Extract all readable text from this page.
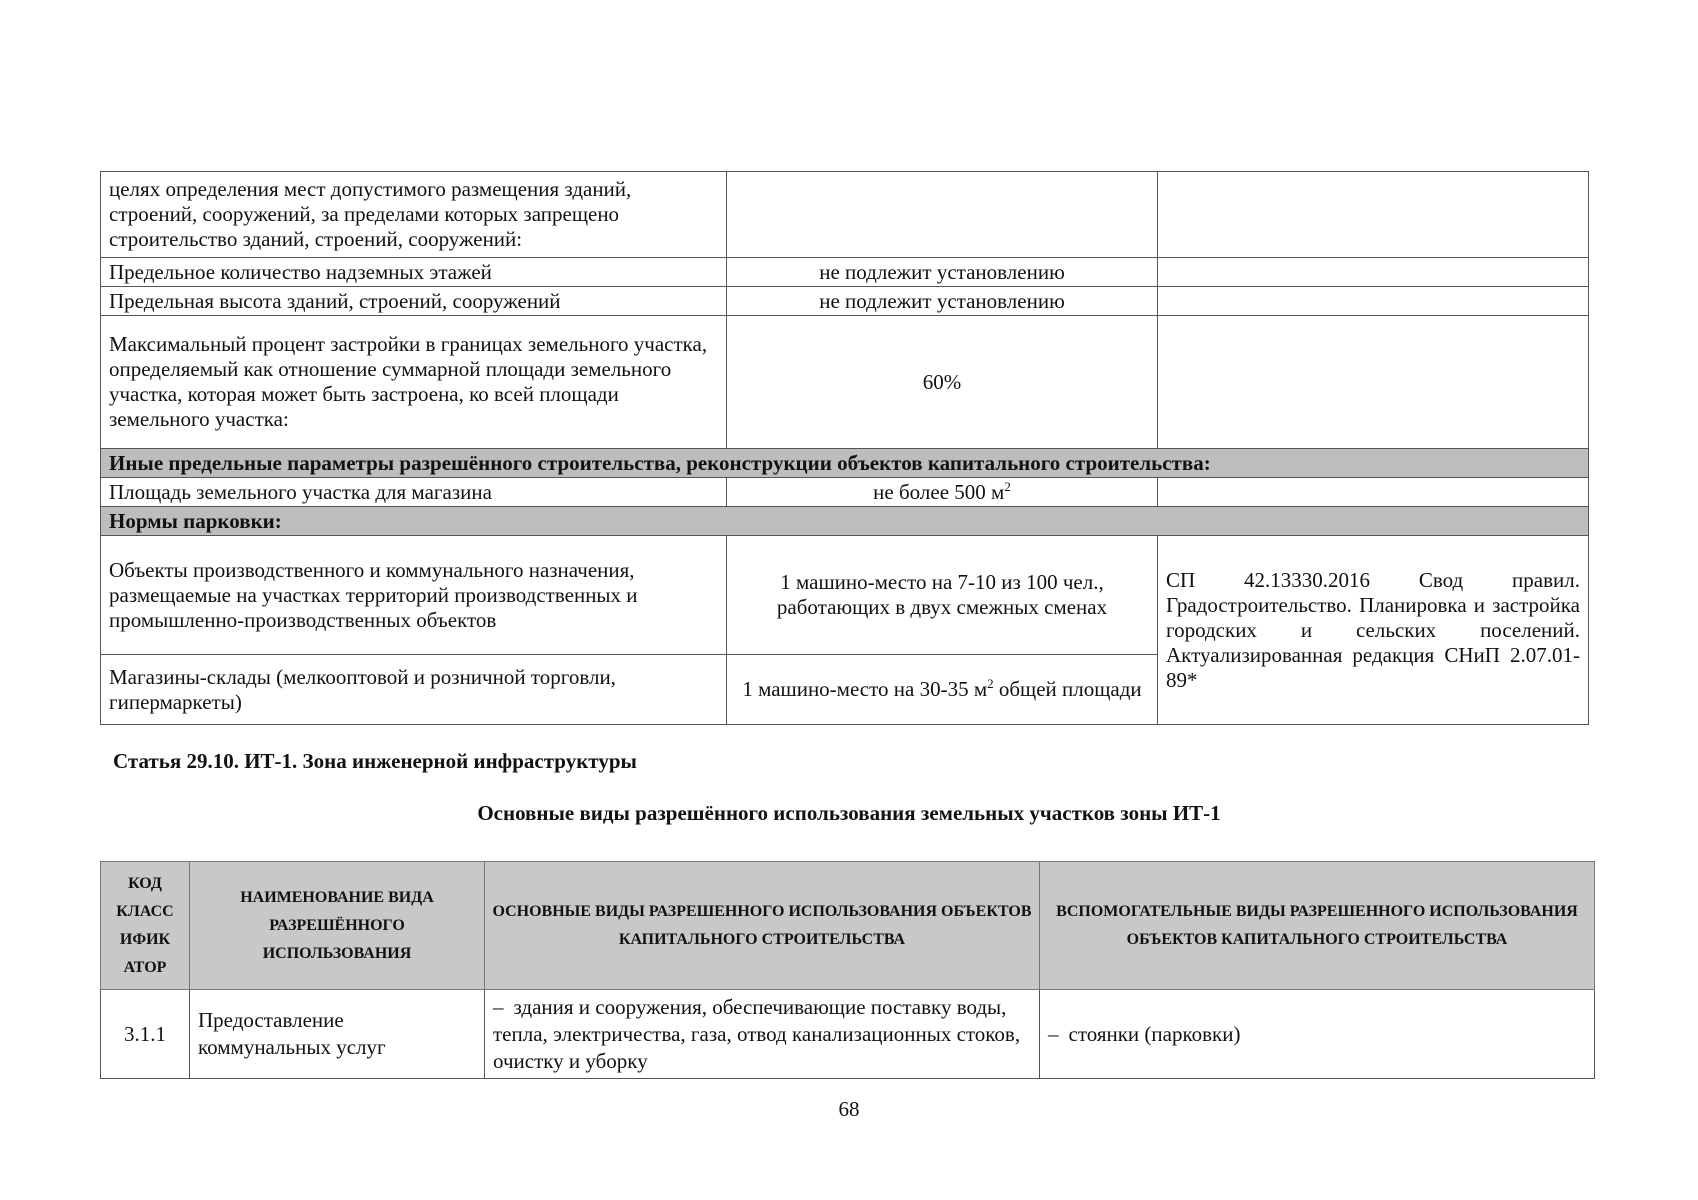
целях определения мест допустимого размещения зданий, строений, сооружений, за пределами которых запрещено строительство зданий, строений, сооружений:		
Предельное количество надземных этажей	не подлежит установлению	
Предельная высота зданий, строений, сооружений	не подлежит установлению	
Максимальный процент застройки в границах земельного участка, определяемый как отношение суммарной площади земельного участка, которая может быть застроена, ко всей площади земельного участка:	60%	
Иные предельные параметры разрешённого строительства, реконструкции объектов капитального строительства:		
Площадь земельного участка для магазина	не более 500 $м^2$	
Нормы парковки:		
Объекты производственного и коммунального назначения, размещаемые на участках территорий производственных и промышленно-производственных объектов	1 машино-место на 7-10 из 100 чел., работающих в двух смежных сменах	СП 42.13330.2016 Свод правил. Градостроительство. Планировка и застройка городских и сельских поселений. Актуализированная редакция СНиП 2.07.01-89*
Магазины-склады (мелкооптовой и розничной торговли, гипермаркеты)	1 машино-место на 30-35 $м^2$ общей площади	
Статья 29.10. ИТ-1. Зона инженерной инфраструктуры
Основные виды разрешённого использования земельных участков зоны ИТ-1
КОД КЛАСС ИФИК АТОР	НАИМЕНОВАНИЕ ВИДА РАЗРЕШЁННОГО ИСПОЛЬЗОВАНИЯ	ОСНОВНЫЕ ВИДЫ РАЗРЕШЕННОГО ИСПОЛЬЗОВАНИЯ ОБЪЕКТОВ КАПИТАЛЬНОГО СТРОИТЕЛЬСТВА	ВСПОМОГАТЕЛЬНЫЕ ВИДЫ РАЗРЕШЕННОГО ИСПОЛЬЗОВАНИЯ ОБЪЕКТОВ КАПИТАЛЬНОГО СТРОИТЕЛЬСТВА
3.1.1	Предоставление коммунальных услуг	– здания и сооружения, обеспечивающие поставку воды, тепла, электричества, газа, отвод канализационных стоков, очистку и уборку	– стоянки (парковки)
68
